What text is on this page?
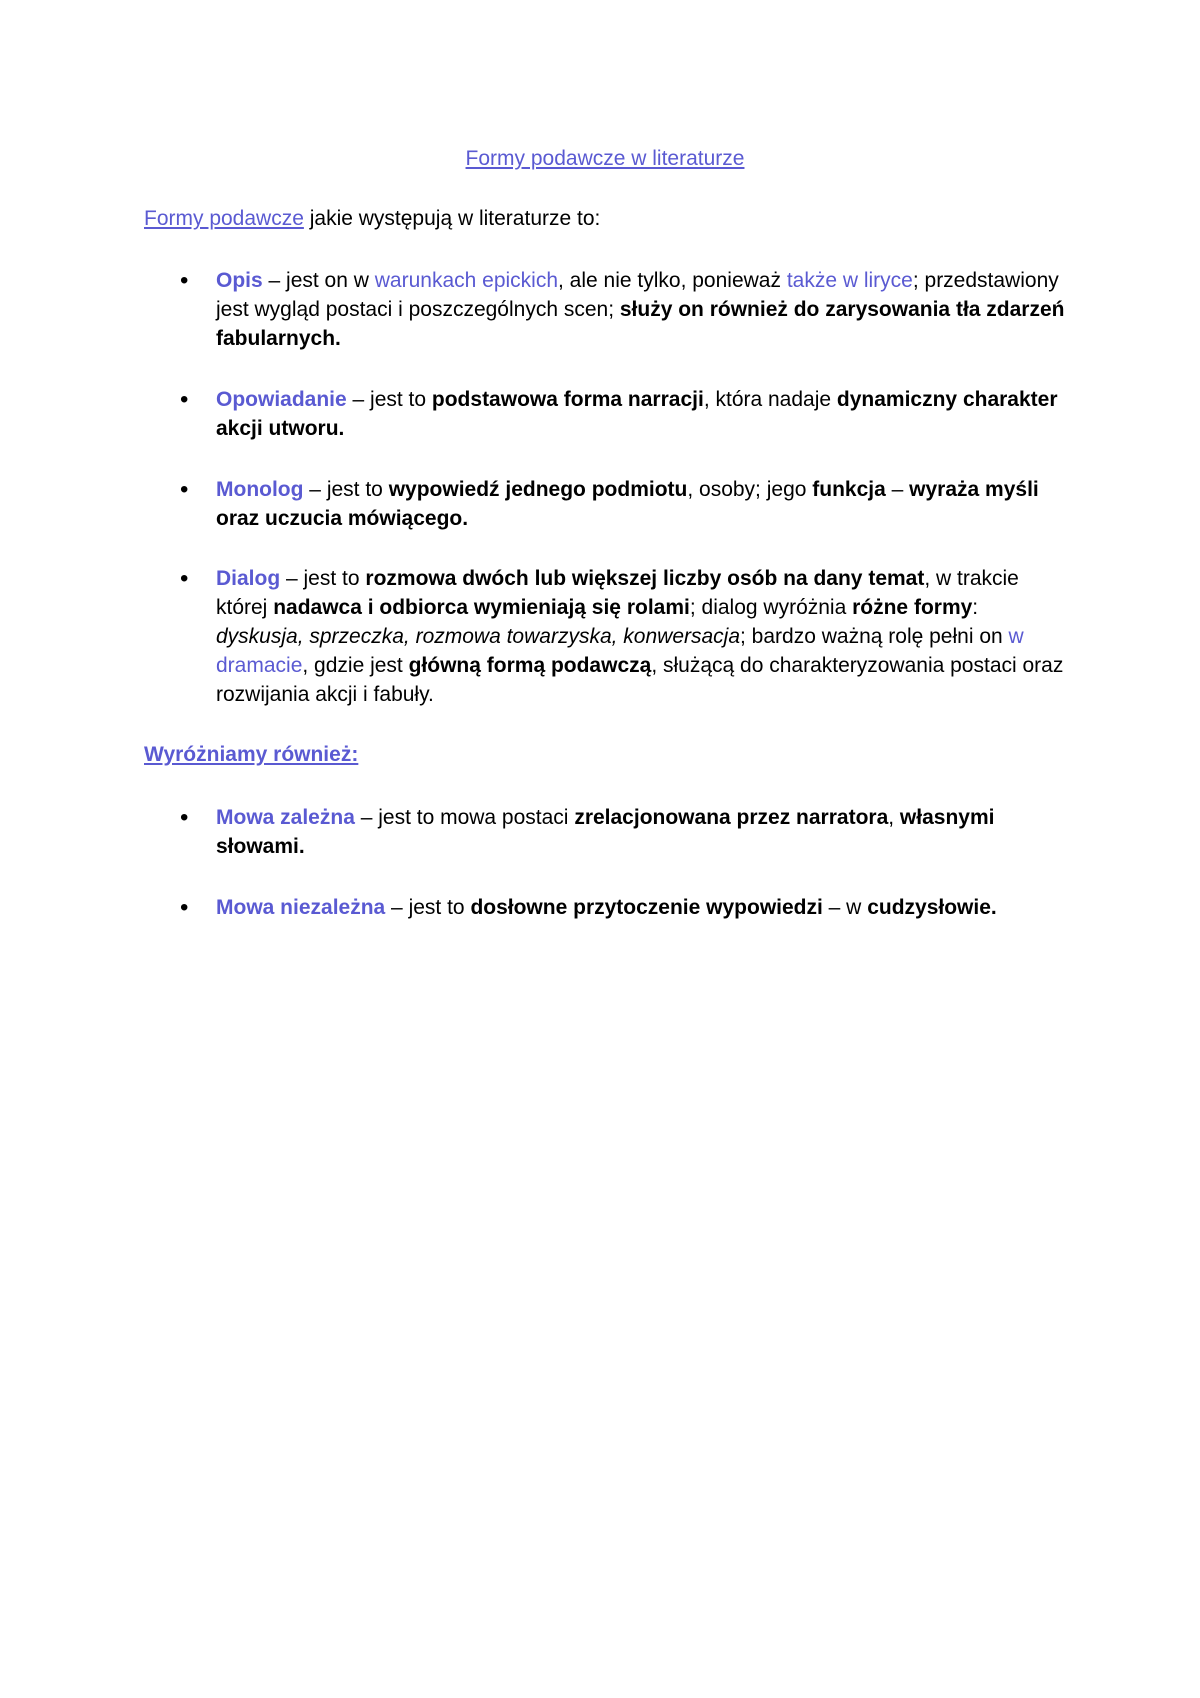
Formy podawcze w literaturze
Formy podawcze jakie występują w literaturze to:
• Opis – jest on w warunkach epickich, ale nie tylko, ponieważ także w liryce; przedstawiony jest wygląd postaci i poszczególnych scen; służy on również do zarysowania tła zdarzeń fabularnych.
• Opowiadanie – jest to podstawowa forma narracji, która nadaje dynamiczny charakter akcji utworu.
• Monolog – jest to wypowiedź jednego podmiotu, osoby; jego funkcja – wyraża myśli oraz uczucia mówiącego.
• Dialog – jest to rozmowa dwóch lub większej liczby osób na dany temat, w trakcie której nadawca i odbiorca wymieniają się rolami; dialog wyróżnia różne formy: dyskusja, sprzeczka, rozmowa towarzyska, konwersacja; bardzo ważną rolę pełni on w dramacie, gdzie jest główną formą podawczą, służącą do charakteryzowania postaci oraz rozwijania akcji i fabuły.
Wyróżniamy również:
• Mowa zależna – jest to mowa postaci zrelacjonowana przez narratora, własnymi słowami.
• Mowa niezależna – jest to dosłowne przytoczenie wypowiedzi – w cudzysłowie.
